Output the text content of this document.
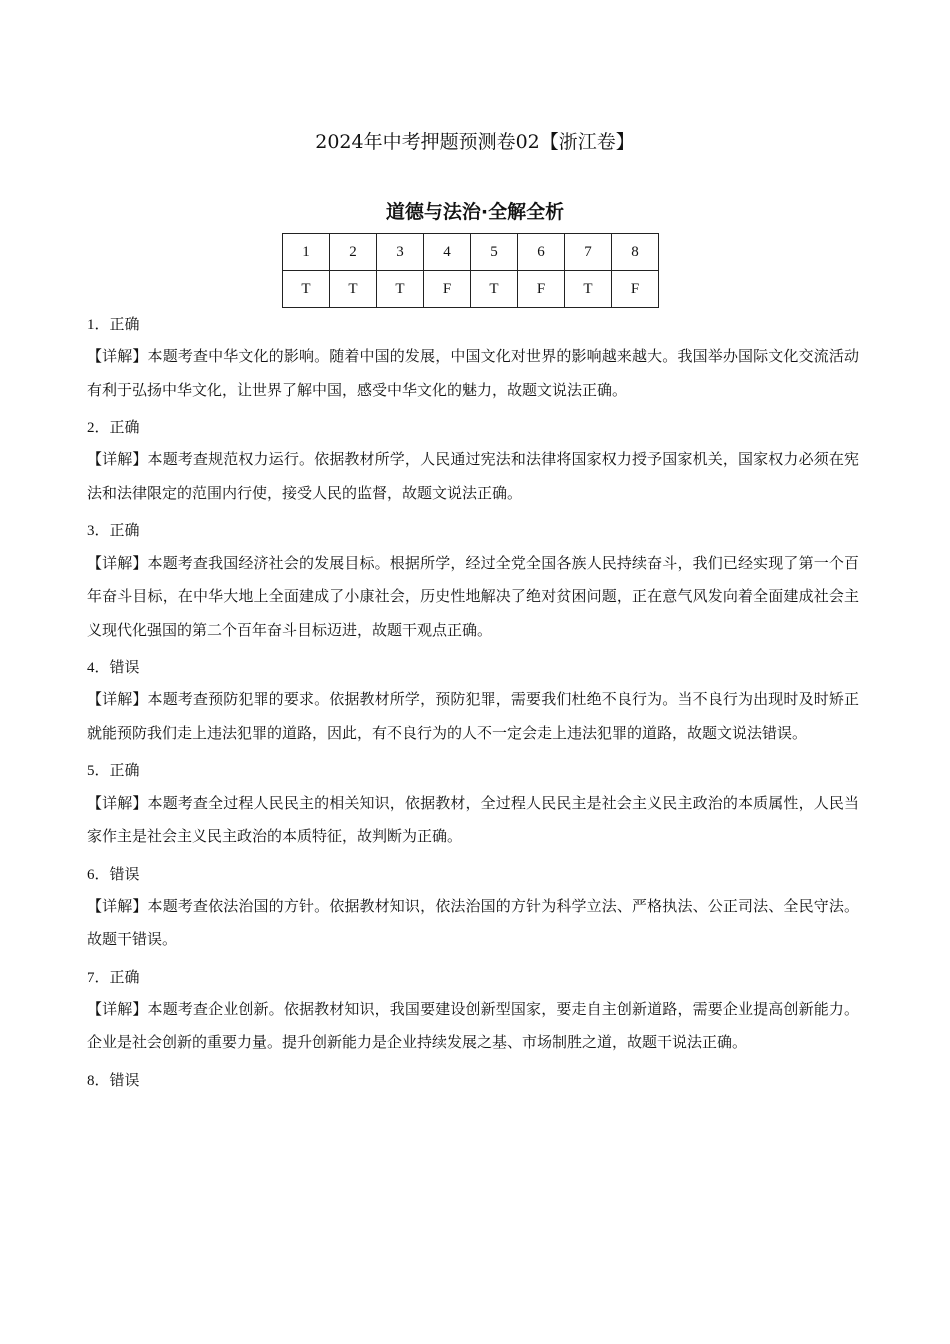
2024年中考押题预测卷02【浙江卷】
道德与法治·全解全析
1	2	3	4	5	6	7	8
T	T	T	F	T	F	T	F

1．正确

【详解】本题考查中华文化的影响。随着中国的发展，中国文化对世界的影响越来越大。我国举办国际文化交流活动有利于弘扬中华文化，让世界了解中国，感受中华文化的魅力，故题文说法正确。

2．正确

【详解】本题考查规范权力运行。依据教材所学，人民通过宪法和法律将国家权力授予国家机关，国家权力必须在宪法和法律限定的范围内行使，接受人民的监督，故题文说法正确。

3．正确

【详解】本题考查我国经济社会的发展目标。根据所学，经过全党全国各族人民持续奋斗，我们已经实现了第一个百年奋斗目标，在中华大地上全面建成了小康社会，历史性地解决了绝对贫困问题，正在意气风发向着全面建成社会主义现代化强国的第二个百年奋斗目标迈进，故题干观点正确。

4．错误

【详解】本题考查预防犯罪的要求。依据教材所学，预防犯罪，需要我们杜绝不良行为。当不良行为出现时及时矫正就能预防我们走上违法犯罪的道路，因此，有不良行为的人不一定会走上违法犯罪的道路，故题文说法错误。

5．正确

【详解】本题考查全过程人民民主的相关知识，依据教材，全过程人民民主是社会主义民主政治的本质属性，人民当家作主是社会主义民主政治的本质特征，故判断为正确。

6．错误

【详解】本题考查依法治国的方针。依据教材知识，依法治国的方针为科学立法、严格执法、公正司法、全民守法。故题干错误。

7．正确

【详解】本题考查企业创新。依据教材知识，我国要建设创新型国家，要走自主创新道路，需要企业提高创新能力。企业是社会创新的重要力量。提升创新能力是企业持续发展之基、市场制胜之道，故题干说法正确。

8．错误
